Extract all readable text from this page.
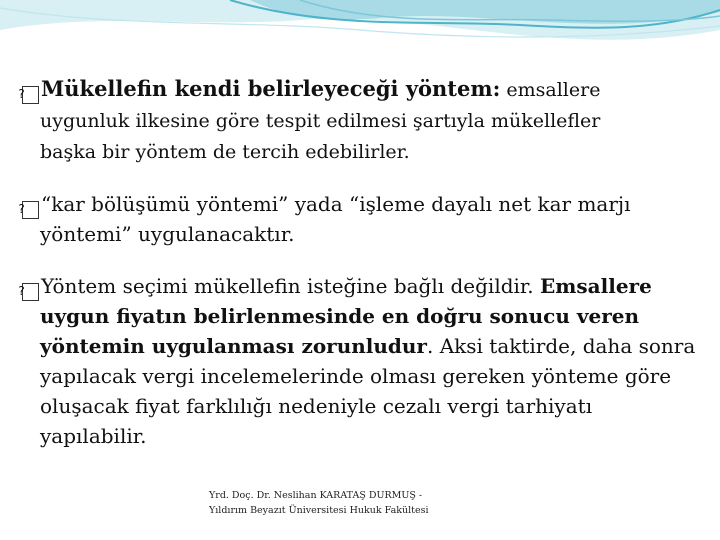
? Mükellefin kendi belirleyeceği yöntem: emsallere
uygunluk ilkesine göre tespit edilmesi şartıyla mükellefler
başka bir yöntem de tercih edebilirler.
? “kar bölüşümü yöntemi” yada “işleme dayalı net kar marjı
yöntemi” uygulanacaktır.
? Yöntem seçimi mükellefin isteğine bağlı değildir. Emsallere uygun fiyatın belirlenmesinde en doğru sonucu veren yöntemin uygulanması zorunludur. Aksi taktirde, daha sonra yapılacak vergi incelemelerinde olması gereken yönteme göre oluşacak fiyat farklılığı nedeniyle cezalı vergi tarhiyatı yapılabilir.
Yrd. Doç. Dr. Neslihan KARATAŞ DURMUŞ -
Yıldırım Beyazıt Üniversitesi Hukuk Fakültesi
